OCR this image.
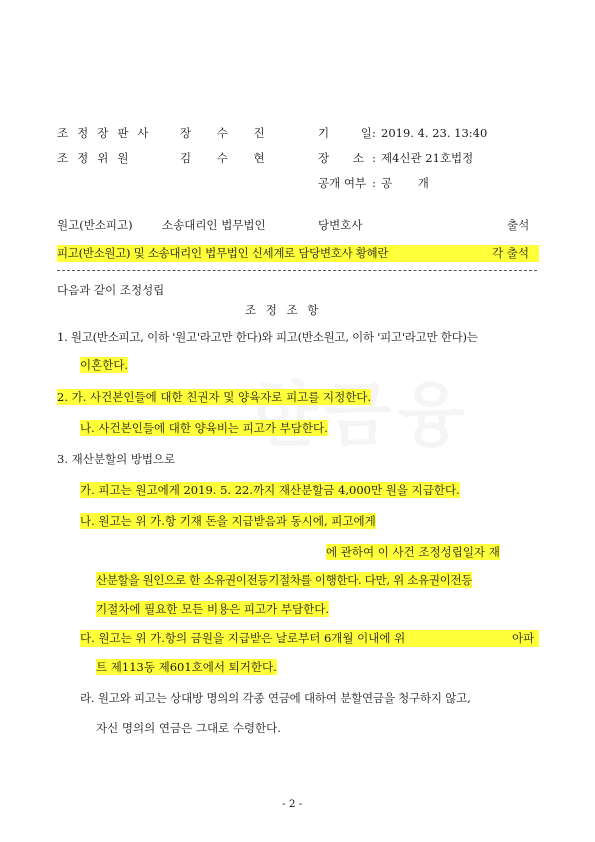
조정장판사 장 수 진	기 일 : 2019. 4. 23. 13:40
조정위원	김 수 현	장 소 : 제4신관 21호법정
공개 여부 : 공 개
원고(반소피고)	소송대리인 법무법인	당변호사	출석
피고(반소원고) 및 소송대리인 법무법인 신세계로 담당변호사 황혜란	각 출석
다음과 같이 조정성립
조 정 조 항
1. 원고(반소피고, 이하 '원고'라고만 한다)와 피고(반소원고, 이하 '피고'라고만 한다)는
이혼한다.
2. 가. 사건본인들에 대한 친권자 및 양육자로 피고를 지정한다.
나. 사건본인들에 대한 양육비는 피고가 부담한다.
3. 재산분할의 방법으로
가. 피고는 원고에게 2019. 5. 22.까지 재산분할금 4,000만 원을 지급한다.
나. 원고는 위 가.항 기재 돈을 지급받음과 동시에, 피고에게
에 관하여 이 사건 조정성립일자 재
산분할을 원인으로 한 소유권이전등기절차를 이행한다. 다만, 위 소유권이전등
기절차에 필요한 모든 비용은 피고가 부담한다.
다. 원고는 위 가.항의 금원을 지급받은 날로부터 6개월 이내에 위	아파
트 제113동 제601호에서 퇴거한다.
라. 원고와 피고는 상대방 명의의 각종 연금에 대하여 분할연금을 청구하지 않고,
자신 명의의 연금은 그대로 수령한다.
- 2 -
